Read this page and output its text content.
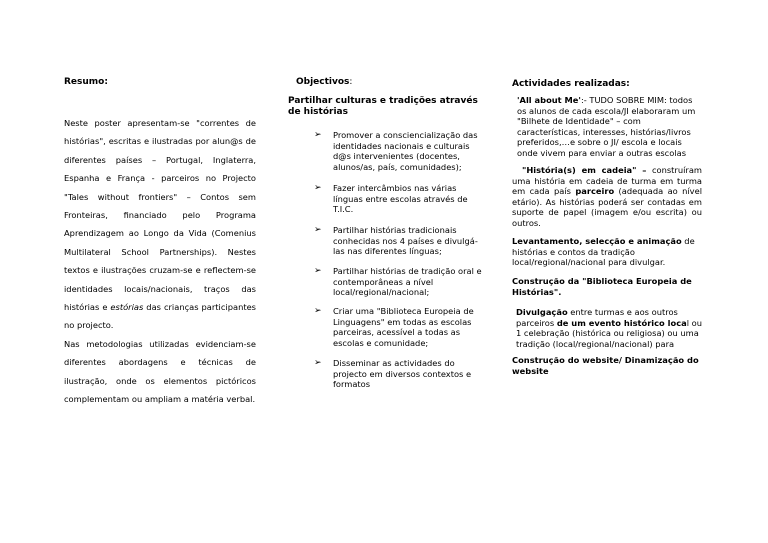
Resumo:

Neste poster apresentam-se "correntes de histórias", escritas e ilustradas por alun@s de diferentes países – Portugal, Inglaterra, Espanha e França - parceiros no Projecto "Tales without frontiers" – Contos sem Fronteiras, financiado pelo Programa Aprendizagem ao Longo da Vida (Comenius Multilateral School Partnerships). Nestes textos e ilustrações cruzam-se e reflectem-se identidades locais/nacionais, traços das histórias e estórias das crianças participantes no projecto.

Nas metodologias utilizadas evidenciam-se diferentes abordagens e técnicas de ilustração, onde os elementos pictóricos complementam ou ampliam a matéria verbal.

Objectivos:
Partilhar culturas e tradições através de histórias
➢ Promover a consciencialização das identidades nacionais e culturais d@s intervenientes (docentes, alunos/as, país, comunidades);
➢ Fazer intercâmbios nas várias línguas entre escolas através de T.I.C.
➢ Partilhar histórias tradicionais conhecidas nos 4 países e divulgá-las nas diferentes línguas;
➢ Partilhar histórias de tradição oral e contemporâneas a nível local/regional/nacional;
➢ Criar uma "Biblioteca Europeia de Linguagens" em todas as escolas parceiras, acessível a todas as escolas e comunidade;
➢ Disseminar as actividades do projecto em diversos contextos e formatos
Actividades realizadas:

'All about Me':- TUDO SOBRE MIM: todos os alunos de cada escola/JI elaboraram um "Bilhete de Identidade" – com características, interesses, histórias/livros preferidos,…e sobre o JI/ escola e locais onde vivem para enviar a outras escolas

"História(s) em cadeia" – construíram uma história em cadeia de turma em turma em cada país parceiro (adequada ao nível etário). As histórias poderá ser contadas em suporte de papel (imagem e/ou escrita) ou outros.

Levantamento, selecção e animação de histórias e contos da tradição local/regional/nacional para divulgar.

Construção da "Biblioteca Europeia de Histórias".

Divulgação entre turmas e aos outros parceiros de um evento histórico local ou 1 celebração (histórica ou religiosa) ou uma tradição (local/regional/nacional) para

Construção do website/ Dinamização do website
